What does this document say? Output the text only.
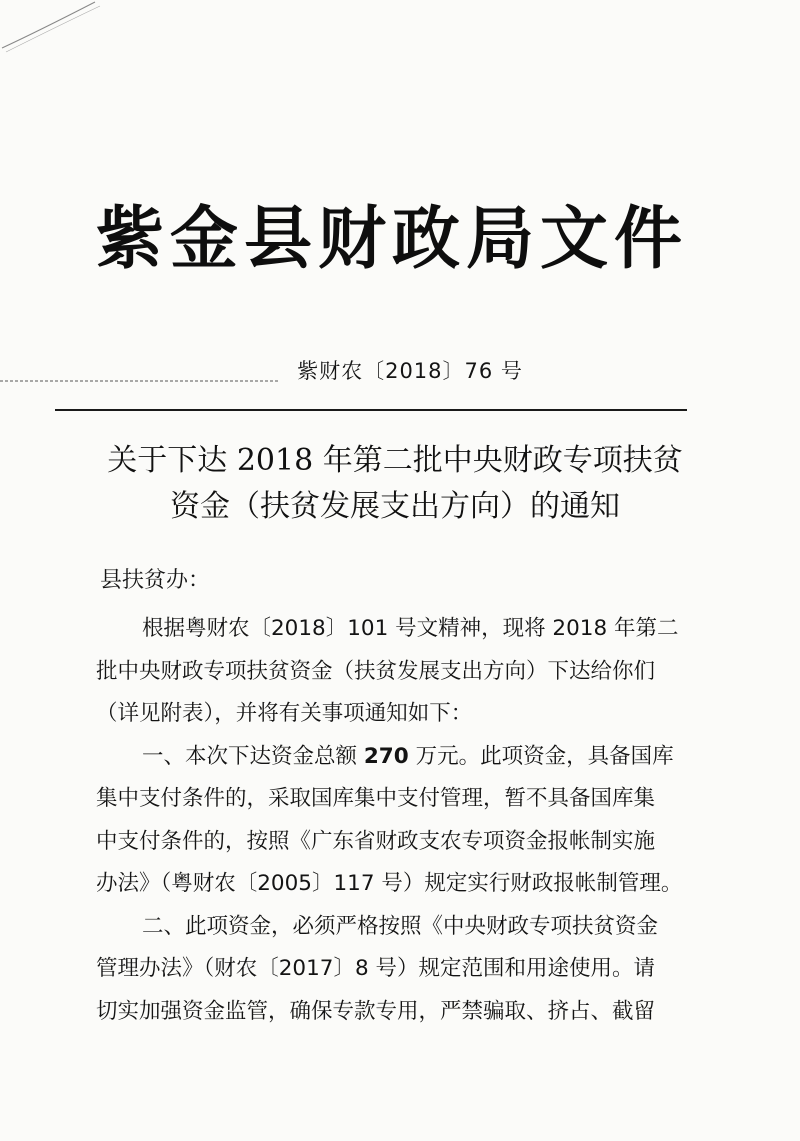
紫金县财政局文件
紫财农〔2018〕76 号
关于下达 2018 年第二批中央财政专项扶贫
资金（扶贫发展支出方向）的通知
县扶贫办：
根据粤财农〔2018〕101 号文精神，现将 2018 年第二
批中央财政专项扶贫资金（扶贫发展支出方向）下达给你们
（详见附表），并将有关事项通知如下：
一、本次下达资金总额 270 万元。此项资金，具备国库
集中支付条件的，采取国库集中支付管理，暂不具备国库集
中支付条件的，按照《广东省财政支农专项资金报帐制实施
办法》（粤财农〔2005〕117 号）规定实行财政报帐制管理。
二、此项资金，必须严格按照《中央财政专项扶贫资金
管理办法》（财农〔2017〕8 号）规定范围和用途使用。请
切实加强资金监管，确保专款专用，严禁骗取、挤占、截留
